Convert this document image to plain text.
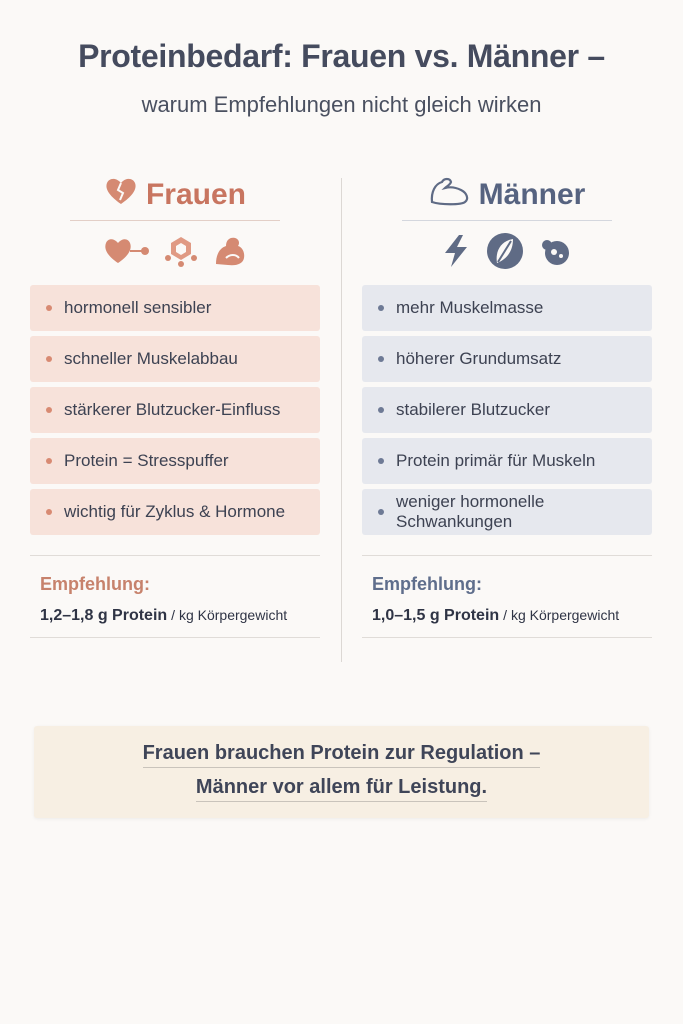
Proteinbedarf: Frauen vs. Männer –
warum Empfehlungen nicht gleich wirken
Frauen
hormonell sensibler
schneller Muskelabbau
stärkerer Blutzucker-Einfluss
Protein = Stresspuffer
wichtig für Zyklus & Hormone
Empfehlung:
1,2–1,8 g Protein / kg Körpergewicht
Männer
mehr Muskelmasse
höherer Grundumsatz
stabilerer Blutzucker
Protein primär für Muskeln
weniger hormonelle Schwankungen
Empfehlung:
1,0–1,5 g Protein / kg Körpergewicht
Frauen brauchen Protein zur Regulation –
Männer vor allem für Leistung.
